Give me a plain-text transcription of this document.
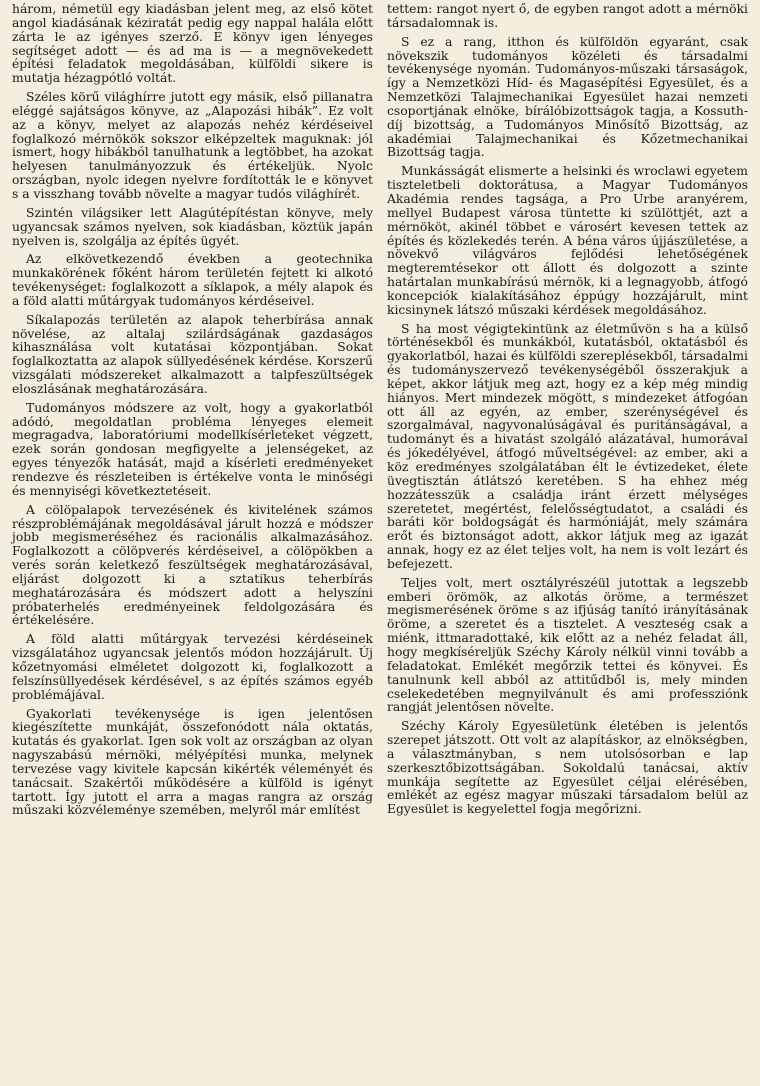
három, németül egy kiadásban jelent meg, az első kötet angol kiadásának kéziratát pedig egy nappal halála előtt zárta le az igényes szerző. E könyv igen lényeges segítséget adott — és ad ma is — a megnövekedett építési feladatok megoldásában, külföldi sikere is mutatja hézagpótló voltát.

Széles körű világhírre jutott egy másik, első pillanatra eléggé sajátságos könyve, az „Alapozási hibák”. Ez volt az a könyv, melyet az alapozás nehéz kérdéseivel foglalkozó mérnökök sokszor elképzeltek maguknak: jól ismert, hogy hibákból tanulhatunk a legtöbbet, ha azokat helyesen tanulmányozzuk és értékeljük. Nyolc országban, nyolc idegen nyelvre fordították le e könyvet s a visszhang tovább növelte a magyar tudós világhírét.

Szintén világsiker lett Alagútépítéstan könyve, mely ugyancsak számos nyelven, sok kiadásban, köztük japán nyelven is, szolgálja az építés ügyét.

Az elkövetkezendő években a geotechnika munkakörének főként három területén fejtett ki alkotó tevékenységet: foglalkozott a síklapok, a mély alapok és a föld alatti műtárgyak tudományos kérdéseivel.

Síkalapozás területén az alapok teherbírása annak növelése, az altalaj szilárdságának gazdaságos kihasználása volt kutatásai központjában. Sokat foglalkoztatta az alapok süllyedésének kérdése. Korszerű vizsgálati módszereket alkalmazott a talpfeszültségek eloszlásának meghatározására.

Tudományos módszere az volt, hogy a gyakorlatból adódó, megoldatlan probléma lényeges elemeit megragadva, laboratóriumi modellkísérleteket végzett, ezek során gondosan megfigyelte a jelenségeket, az egyes tényezők hatását, majd a kísérleti eredményeket rendezve és részleteiben is értékelve vonta le minőségi és mennyiségi következtetéseit.

A cölöpalapok tervezésének és kivitelének számos részproblémájának megoldásával járult hozzá e módszer jobb megismeréséhez és racionális alkalmazásához. Foglalkozott a cölöpverés kérdéseivel, a cölöpökben a verés során keletkező feszültségek meghatározásával, eljárást dolgozott ki a sztatikus teherbírás meghatározására és módszert adott a helyszíni próbaterhelés eredményeinek feldolgozására és értékelésére.

A föld alatti műtárgyak tervezési kérdéseinek vizsgálatához ugyancsak jelentős módon hozzájárult. Új kőzetnyomási elméletet dolgozott ki, foglalkozott a felszínsüllyedések kérdésével, s az építés számos egyéb problémájával.

Gyakorlati tevékenysége is igen jelentősen kiegészítette munkáját, összefonódott nála oktatás, kutatás és gyakorlat. Igen sok volt az országban az olyan nagyszabású mérnöki, mélyépítési munka, melynek tervezése vagy kivitele kapcsán kikérték véleményét és tanácsait. Szakértői működésére a külföld is igényt tartott. Így jutott el arra a magas rangra az ország műszaki közvéleménye szemében, melyről már említést

tettem: rangot nyert ő, de egyben rangot adott a mérnöki társadalomnak is.

S ez a rang, itthon és külföldön egyaránt, csak növekszik tudományos közéleti és társadalmi tevékenysége nyomán. Tudományos-műszaki társaságok, így a Nemzetközi Híd- és Magasépítési Egyesület, és a Nemzetközi Talajmechanikai Egyesület hazai nemzeti csoportjának elnöke, bírálóbizottságok tagja, a Kossuth-díj bizottság, a Tudományos Minősítő Bizottság, az akadémiai Talajmechanikai és Kőzetmechanikai Bizottság tagja.

Munkásságát elismerte a helsinki és wroclawi egyetem tiszteletbeli doktorátusa, a Magyar Tudományos Akadémia rendes tagsága, a Pro Urbe aranyérem, mellyel Budapest városa tüntette ki szülöttjét, azt a mérnököt, akinél többet e városért kevesen tettek az építés és közlekedés terén. A béna város újjászületése, a növekvő világváros fejlődési lehetőségének megteremtésekor ott állott és dolgozott a szinte határtalan munkabírású mérnök, ki a legnagyobb, átfogó koncepciók kialakításához éppúgy hozzájárult, mint kicsinynek látszó műszaki kérdések megoldásához.

S ha most végigtekintünk az életművön s ha a külső történésekből és munkákból, kutatásból, oktatásból és gyakorlatból, hazai és külföldi szereplésekből, társadalmi és tudományszervező tevékenységéből összerakjuk a képet, akkor látjuk meg azt, hogy ez a kép még mindig hiányos. Mert mindezek mögött, s mindezeket átfogóan ott áll az egyén, az ember, szerénységével és szorgalmával, nagyvonalúságával és puritánságával, a tudományt és a hivatást szolgáló alázatával, humorával és jókedélyével, átfogó műveltségével: az ember, aki a köz eredményes szolgálatában élt le évtizedeket, élete üvegtisztán átlátszó keretében. S ha ehhez még hozzátesszük a családja iránt érzett mélységes szeretetet, megértést, felelősségtudatot, a családi és baráti kör boldogságát és harmóniáját, mely számára erőt és biztonságot adott, akkor látjuk meg az igazát annak, hogy ez az élet teljes volt, ha nem is volt lezárt és befejezett.

Teljes volt, mert osztályrészéül jutottak a legszebb emberi örömök, az alkotás öröme, a természet megismerésének öröme s az ifjúság tanító irányításának öröme, a szeretet és a tisztelet. A veszteség csak a miénk, ittmaradottaké, kik előtt az a nehéz feladat áll, hogy megkíséreljük Széchy Károly nélkül vinni tovább a feladatokat. Emlékét megőrzik tettei és könyvei. És tanulnunk kell abból az attitűdből is, mely minden cselekedetében megnyilvánult és ami professziónk rangját jelentősen növelte.

Széchy Károly Egyesületünk életében is jelentős szerepet játszott. Ott volt az alapításkor, az elnökségben, a választmányban, s nem utolsósorban e lap szerkesztőbizottságában. Sokoldalú tanácsai, aktív munkája segítette az Egyesület céljai elérésében, emlékét az egész magyar műszaki társadalom belül az Egyesület is kegyelettel fogja megőrizni.
